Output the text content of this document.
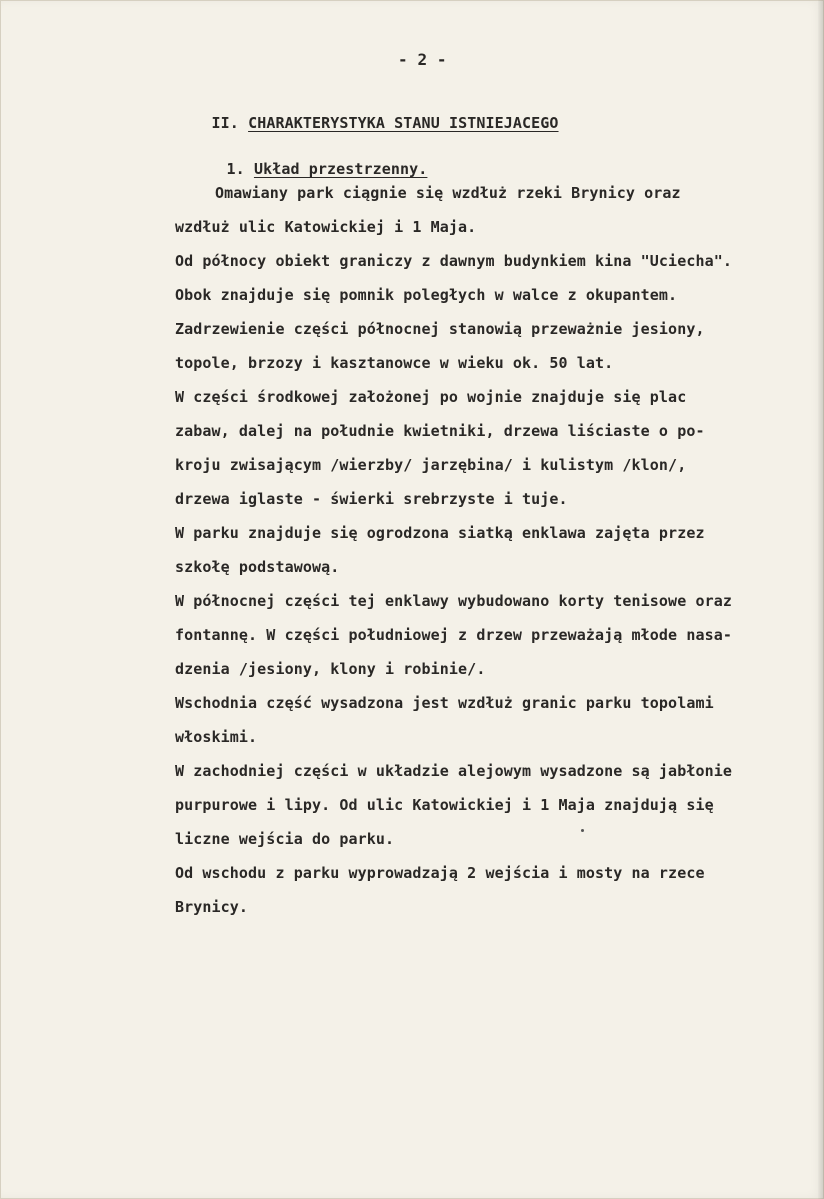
- 2 -

II. CHARAKTERYSTYKA STANU ISTNIEJACEGO

1. Układ przestrzenny.

Omawiany park ciągnie się wzdłuż rzeki Brynicy oraz
wzdłuż ulic Katowickiej i 1 Maja.
Od północy obiekt graniczy z dawnym budynkiem kina "Uciecha".
Obok znajduje się pomnik poległych w walce z okupantem.
Zadrzewienie części północnej stanowią przeważnie jesiony,
topole, brzozy i kasztanowce w wieku ok. 50 lat.
W części środkowej założonej po wojnie znajduje się plac
zabaw, dalej na południe kwietniki, drzewa liściaste o po-
kroju zwisającym /wierzby/ jarzębina/ i kulistym /klon/,
drzewa iglaste - świerki srebrzyste i tuje.
W parku znajduje się ogrodzona siatką enklawa zajęta przez
szkołę podstawową.
W północnej części tej enklawy wybudowano korty tenisowe oraz
fontannę. W części południowej z drzew przeważają młode nasa-
dzenia /jesiony, klony i robinie/.
Wschodnia część wysadzona jest wzdłuż granic parku topolami
włoskimi.
W zachodniej części w układzie alejowym wysadzone są jabłonie
purpurowe i lipy. Od ulic Katowickiej i 1 Maja znajdują się
liczne wejścia do parku.
Od wschodu z parku wyprowadzają 2 wejścia i mosty na rzece
Brynicy.
